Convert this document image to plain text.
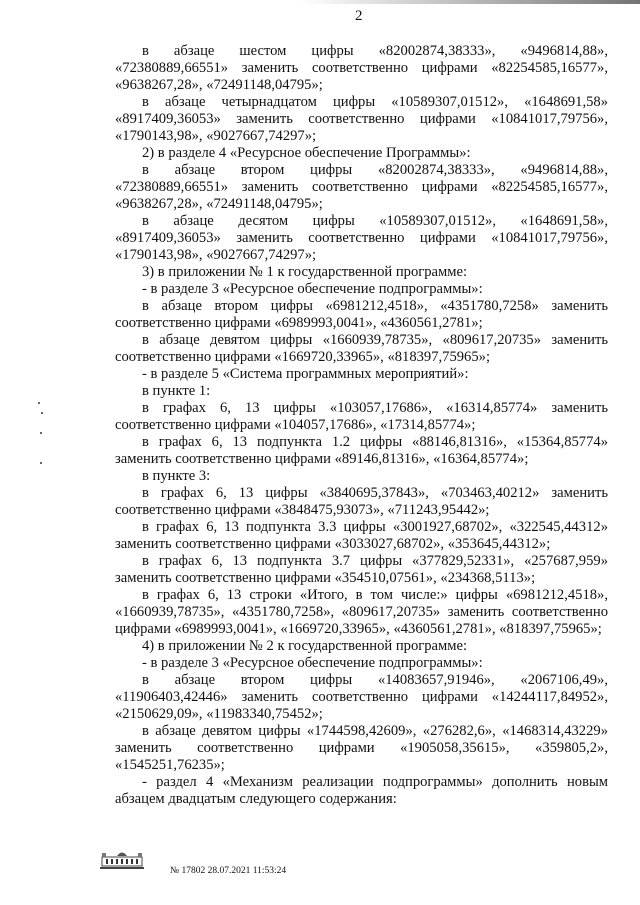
2

в абзаце шестом цифры «82002874,38333», «9496814,88», «72380889,66551» заменить соответственно цифрами «82254585,16577», «9638267,28», «72491148,04795»;

в абзаце четырнадцатом цифры «10589307,01512», «1648691,58» «8917409,36053» заменить соответственно цифрами «10841017,79756», «1790143,98», «9027667,74297»;

2) в разделе 4 «Ресурсное обеспечение Программы»:

в абзаце втором цифры «82002874,38333», «9496814,88», «72380889,66551» заменить соответственно цифрами «82254585,16577», «9638267,28», «72491148,04795»;

в абзаце десятом цифры «10589307,01512», «1648691,58», «8917409,36053» заменить соответственно цифрами «10841017,79756», «1790143,98», «9027667,74297»;

3) в приложении № 1 к государственной программе:

- в разделе 3 «Ресурсное обеспечение подпрограммы»:

в абзаце втором цифры «6981212,4518», «4351780,7258» заменить соответственно цифрами «6989993,0041», «4360561,2781»;

в абзаце девятом цифры «1660939,78735», «809617,20735» заменить соответственно цифрами «1669720,33965», «818397,75965»;

- в разделе 5 «Система программных мероприятий»:

в пункте 1:

в графах 6, 13 цифры «103057,17686», «16314,85774» заменить соответственно цифрами «104057,17686», «17314,85774»;

в графах 6, 13 подпункта 1.2 цифры «88146,81316», «15364,85774» заменить соответственно цифрами «89146,81316», «16364,85774»;

в пункте 3:

в графах 6, 13 цифры «3840695,37843», «703463,40212» заменить соответственно цифрами «3848475,93073», «711243,95442»;

в графах 6, 13 подпункта 3.3 цифры «3001927,68702», «322545,44312» заменить соответственно цифрами «3033027,68702», «353645,44312»;

в графах 6, 13 подпункта 3.7 цифры «377829,52331», «257687,959» заменить соответственно цифрами «354510,07561», «234368,5113»;

в графах 6, 13 строки «Итого, в том числе:» цифры «6981212,4518», «1660939,78735», «4351780,7258», «809617,20735» заменить соответственно цифрами «6989993,0041», «1669720,33965», «4360561,2781», «818397,75965»;

4) в приложении № 2 к государственной программе:

- в разделе 3 «Ресурсное обеспечение подпрограммы»:

в абзаце втором цифры «14083657,91946», «2067106,49», «11906403,42446» заменить соответственно цифрами «14244117,84952», «2150629,09», «11983340,75452»;

в абзаце девятом цифры «1744598,42609», «276282,6», «1468314,43229» заменить соответственно цифрами «1905058,35615», «359805,2», «1545251,76235»;

- раздел 4 «Механизм реализации подпрограммы» дополнить новым абзацем двадцатым следующего содержания:

№ 17802 28.07.2021 11:53:24
